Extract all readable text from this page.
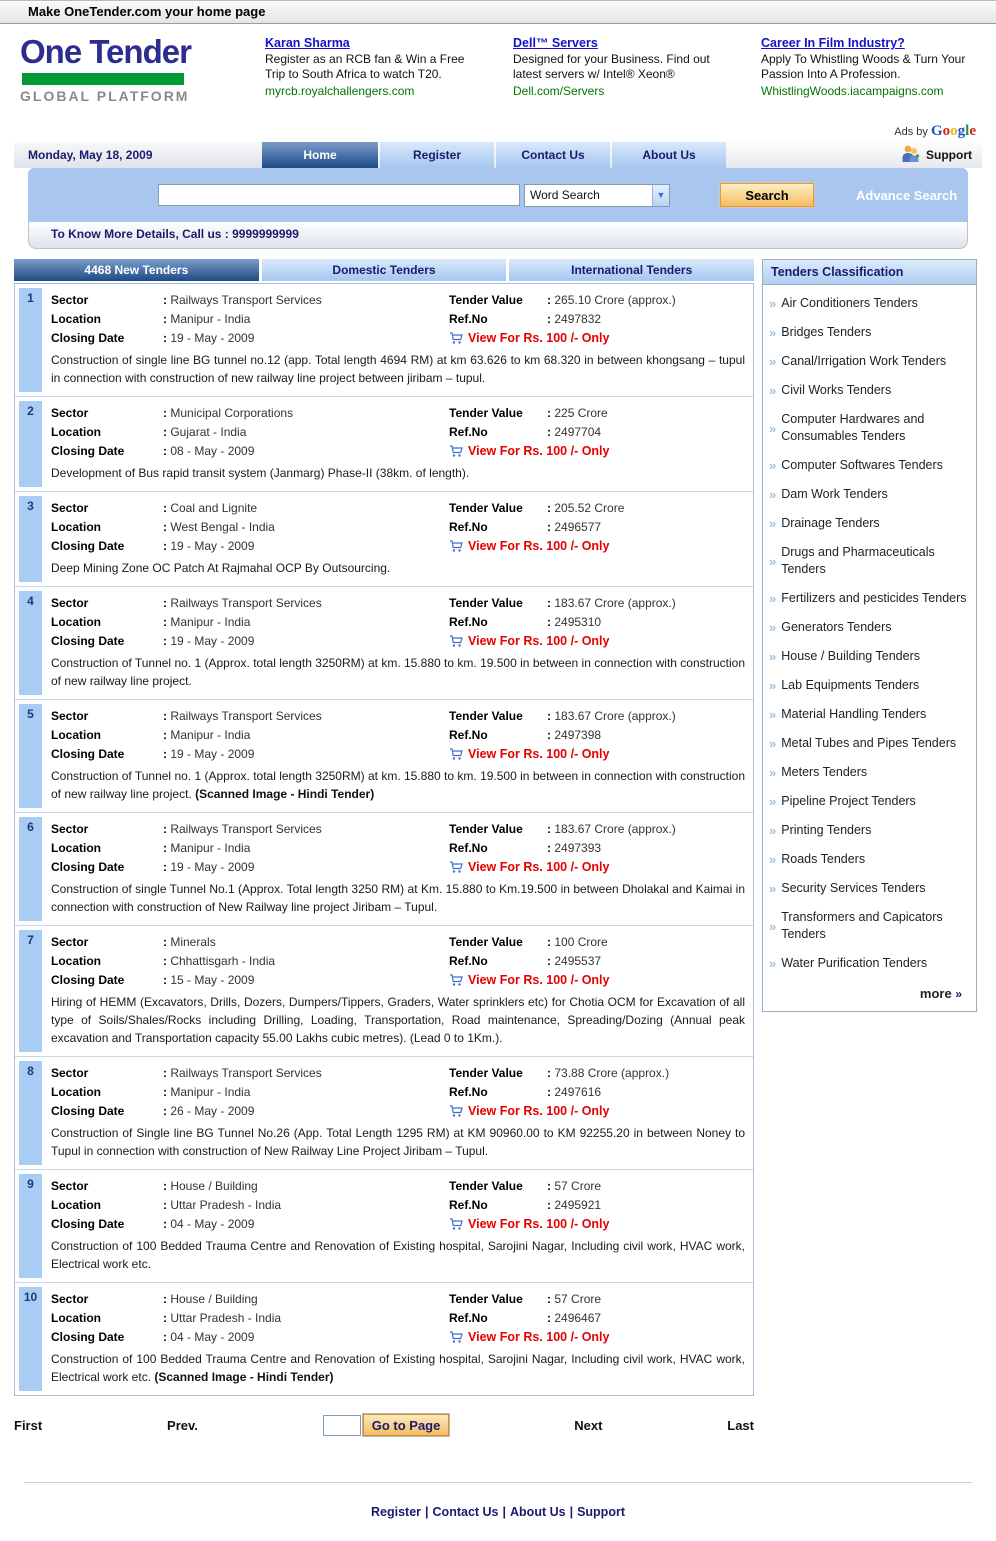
Make OneTender.com your home page
One Tender
GLOBAL PLATFORM
Karan Sharma
Register as an RCB fan & Win a Free Trip to South Africa to watch T20.
myrcb.royalchallengers.com
Dell™ Servers
Designed for your Business. Find out latest servers w/ Intel® Xeon®
Dell.com/Servers
Career In Film Industry?
Apply To Whistling Woods & Turn Your Passion Into A Profession.
WhistlingWoods.iacampaigns.com
Ads by Google
Monday, May 18, 2009	Home	Register	Contact Us	About Us	Support
Word Search	▼	Search	Advance Search
To Know More Details, Call us : 9999999999
4468 New Tenders	Domestic Tenders	International Tenders
1	Sector	: Railways Transport Services
Location	: Manipur - India
Closing Date	: 19 - May - 2009
Tender Value	: 265.10 Crore (approx.)
Ref.No	: 2497832
View For Rs. 100 /- Only
Construction of single line BG tunnel no.12 (app. Total length 4694 RM) at km 63.626 to km 68.320 in between khongsang – tupul in connection with construction of new railway line project between jiribam – tupul.
2	Sector	: Municipal Corporations
Location	: Gujarat - India
Closing Date	: 08 - May - 2009
Tender Value	: 225 Crore
Ref.No	: 2497704
View For Rs. 100 /- Only
Development of Bus rapid transit system (Janmarg) Phase-II (38km. of length).
3	Sector	: Coal and Lignite
Location	: West Bengal - India
Closing Date	: 19 - May - 2009
Tender Value	: 205.52 Crore
Ref.No	: 2496577
View For Rs. 100 /- Only
Deep Mining Zone OC Patch At Rajmahal OCP By Outsourcing.
4	Sector	: Railways Transport Services
Location	: Manipur - India
Closing Date	: 19 - May - 2009
Tender Value	: 183.67 Crore (approx.)
Ref.No	: 2495310
View For Rs. 100 /- Only
Construction of Tunnel no. 1 (Approx. total length 3250RM) at km. 15.880 to km. 19.500 in between in connection with construction of new railway line project.
5	Sector	: Railways Transport Services
Location	: Manipur - India
Closing Date	: 19 - May - 2009
Tender Value	: 183.67 Crore (approx.)
Ref.No	: 2497398
View For Rs. 100 /- Only
Construction of Tunnel no. 1 (Approx. total length 3250RM) at km. 15.880 to km. 19.500 in between in connection with construction of new railway line project. (Scanned Image - Hindi Tender)
6	Sector	: Railways Transport Services
Location	: Manipur - India
Closing Date	: 19 - May - 2009
Tender Value	: 183.67 Crore (approx.)
Ref.No	: 2497393
View For Rs. 100 /- Only
Construction of single Tunnel No.1 (Approx. Total length 3250 RM) at Km. 15.880 to Km.19.500 in between Dholakal and Kaimai in connection with construction of New Railway line project Jiribam – Tupul.
7	Sector	: Minerals
Location	: Chhattisgarh - India
Closing Date	: 15 - May - 2009
Tender Value	: 100 Crore
Ref.No	: 2495537
View For Rs. 100 /- Only
Hiring of HEMM (Excavators, Drills, Dozers, Dumpers/Tippers, Graders, Water sprinklers etc) for Chotia OCM for Excavation of all type of Soils/Shales/Rocks including Drilling, Loading, Transportation, Road maintenance, Spreading/Dozing (Annual peak excavation and Transportation capacity 55.00 Lakhs cubic metres). (Lead 0 to 1Km.).
8	Sector	: Railways Transport Services
Location	: Manipur - India
Closing Date	: 26 - May - 2009
Tender Value	: 73.88 Crore (approx.)
Ref.No	: 2497616
View For Rs. 100 /- Only
Construction of Single line BG Tunnel No.26 (App. Total Length 1295 RM) at KM 90960.00 to KM 92255.20 in between Noney to Tupul in connection with construction of New Railway Line Project Jiribam – Tupul.
9	Sector	: House / Building
Location	: Uttar Pradesh - India
Closing Date	: 04 - May - 2009
Tender Value	: 57 Crore
Ref.No	: 2495921
View For Rs. 100 /- Only
Construction of 100 Bedded Trauma Centre and Renovation of Existing hospital, Sarojini Nagar, Including civil work, HVAC work, Electrical work etc.
10	Sector	: House / Building
Location	: Uttar Pradesh - India
Closing Date	: 04 - May - 2009
Tender Value	: 57 Crore
Ref.No	: 2496467
View For Rs. 100 /- Only
Construction of 100 Bedded Trauma Centre and Renovation of Existing hospital, Sarojini Nagar, Including civil work, HVAC work, Electrical work etc. (Scanned Image - Hindi Tender)
Tenders Classification
» Air Conditioners Tenders
» Bridges Tenders
» Canal/Irrigation Work Tenders
» Civil Works Tenders
»
Computer Hardwares and Consumables Tenders
» Computer Softwares Tenders
» Dam Work Tenders
» Drainage Tenders
»
Drugs and Pharmaceuticals Tenders
» Fertilizers and pesticides Tenders
» Generators Tenders
» House / Building Tenders
» Lab Equipments Tenders
» Material Handling Tenders
» Metal Tubes and Pipes Tenders
» Meters Tenders
» Pipeline Project Tenders
» Printing Tenders
» Roads Tenders
» Security Services Tenders
»
Transformers and Capicators Tenders
» Water Purification Tenders
more »
First	Prev.	Go to Page	Next	Last
Register | Contact Us | About Us | Support
